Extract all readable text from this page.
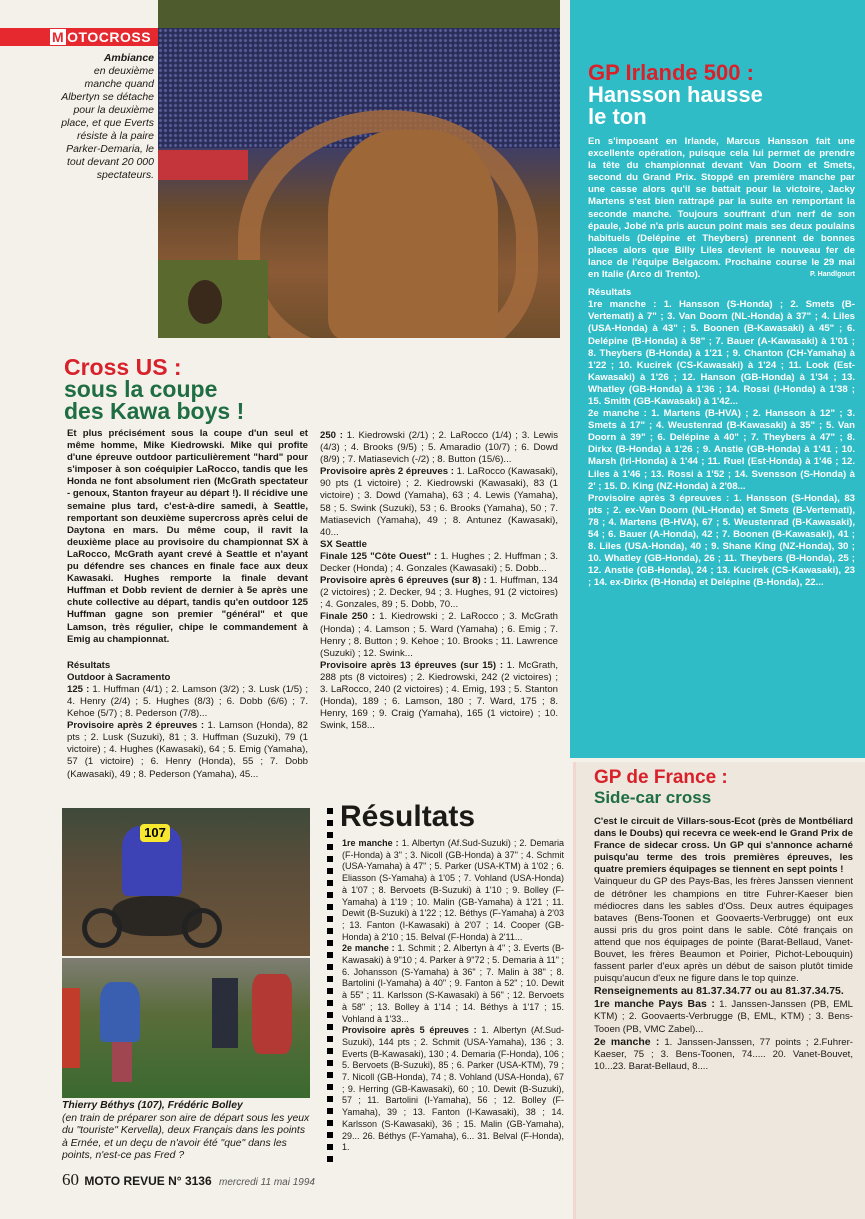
M OTOCROSS
Ambiance
en deuxième manche quand Albertyn se détache pour la deuxième place, et que Everts résiste à la paire Parker-Demaria, le tout devant 20 000 spectateurs.
GP Irlande 500 :
Hansson hausse
le ton

En s'imposant en Irlande, Marcus Hansson fait une excellente opération, puisque cela lui permet de prendre la tête du championnat devant Van Doorn et Smets, second du Grand Prix. Stoppé en première manche par une casse alors qu'il se battait pour la victoire, Jacky Martens s'est bien rattrapé par la suite en remportant la seconde manche. Toujours souffrant d'un nerf de son épaule, Jobé n'a pris aucun point mais ses deux poulains habituels (Delépine et Theybers) prennent de bonnes places alors que Billy Liles devient le nouveau fer de lance de l'équipe Belgacom. Prochaine course le 29 mai en Italie (Arco di Trento).	P. Handlgourt

Résultats

1re manche : 1. Hansson (S-Honda) ; 2. Smets (B-Vertemati) à 7" ; 3. Van Doorn (NL-Honda) à 37" ; 4. Liles (USA-Honda) à 43" ; 5. Boonen (B-Kawasaki) à 45" ; 6. Delépine (B-Honda) à 58" ; 7. Bauer (A-Kawasaki) à 1'01 ; 8. Theybers (B-Honda) à 1'21 ; 9. Chanton (CH-Yamaha) à 1'22 ; 10. Kucirek (CS-Kawasaki) à 1'24 ; 11. Look (Est-Kawasaki) à 1'26 ; 12. Hanson (GB-Honda) à 1'34 ; 13. Whatley (GB-Honda) à 1'36 ; 14. Rossi (I-Honda) à 1'38 ; 15. Smith (GB-Kawasaki) à 1'42...

2e manche : 1. Martens (B-HVA) ; 2. Hansson à 12" ; 3. Smets à 17" ; 4. Weustenrad (B-Kawasaki) à 35" ; 5. Van Doorn à 39" ; 6. Delépine à 40" ; 7. Theybers à 47" ; 8. Dirkx (B-Honda) à 1'26 ; 9. Anstie (GB-Honda) à 1'41 ; 10. Marsh (Irl-Honda) à 1'44 ; 11. Ruel (Est-Honda) à 1'46 ; 12. Liles à 1'46 ; 13. Rossi à 1'52 ; 14. Svensson (S-Honda) à 2' ; 15. D. King (NZ-Honda) à 2'08...

Provisoire après 3 épreuves : 1. Hansson (S-Honda), 83 pts ; 2. ex-Van Doorn (NL-Honda) et Smets (B-Vertemati), 78 ; 4. Martens (B-HVA), 67 ; 5. Weustenrad (B-Kawasaki), 54 ; 6. Bauer (A-Honda), 42 ; 7. Boonen (B-Kawasaki), 41 ; 8. Liles (USA-Honda), 40 ; 9. Shane King (NZ-Honda), 30 ; 10. Whatley (GB-Honda), 26 ; 11. Theybers (B-Honda), 25 ; 12. Anstie (GB-Honda), 24 ; 13. Kucirek (CS-Kawasaki), 23 ; 14. ex-Dirkx (B-Honda) et Delépine (B-Honda), 22...

Cross US :
sous la coupe
des Kawa boys !

Et plus précisément sous la coupe d'un seul et même homme, Mike Kiedrowski. Mike qui profite d'une épreuve outdoor particulièrement "hard" pour s'imposer à son coéquipier LaRocco, tandis que les Honda ne font absolument rien (McGrath spectateur - genoux, Stanton frayeur au départ !). Il récidive une semaine plus tard, c'est-à-dire samedi, à Seattle, remportant son deuxième supercross après celui de Daytona en mars. Du même coup, il ravit la deuxième place au provisoire du championnat SX à LaRocco, McGrath ayant crevé à Seattle et n'ayant pu défendre ses chances en finale face aux deux Kawasaki. Hughes remporte la finale devant Huffman et Dobb revient de dernier à 5e après une chute collective au départ, tandis qu'en outdoor 125 Huffman gagne son premier "général" et que Lamson, très régulier, chipe le commandement à Emig au championnat.

Résultats

Outdoor à Sacramento

125 : 1. Huffman (4/1) ; 2. Lamson (3/2) ; 3. Lusk (1/5) ; 4. Henry (2/4) ; 5. Hughes (8/3) ; 6. Dobb (6/6) ; 7. Kehoe (5/7) ; 8. Pederson (7/8)...

Provisoire après 2 épreuves : 1. Lamson (Honda), 82 pts ; 2. Lusk (Suzuki), 81 ; 3. Huffman (Suzuki), 79 (1 victoire) ; 4. Hughes (Kawasaki), 64 ; 5. Emig (Yamaha), 57 (1 victoire) ; 6. Henry (Honda), 55 ; 7. Dobb (Kawasaki), 49 ; 8. Pederson (Yamaha), 45...

250 : 1. Kiedrowski (2/1) ; 2. LaRocco (1/4) ; 3. Lewis (4/3) ; 4. Brooks (9/5) ; 5. Amaradio (10/7) ; 6. Dowd (8/9) ; 7. Matiasevich (-/2) ; 8. Button (15/6)...

Provisoire après 2 épreuves : 1. LaRocco (Kawasaki), 90 pts (1 victoire) ; 2. Kiedrowski (Kawasaki), 83 (1 victoire) ; 3. Dowd (Yamaha), 63 ; 4. Lewis (Yamaha), 58 ; 5. Swink (Suzuki), 53 ; 6. Brooks (Yamaha), 50 ; 7. Matiasevich (Yamaha), 49 ; 8. Antunez (Kawasaki), 40...

SX Seattle

Finale 125 "Côte Ouest" : 1. Hughes ; 2. Huffman ; 3. Decker (Honda) ; 4. Gonzales (Kawasaki) ; 5. Dobb...

Provisoire après 6 épreuves (sur 8) : 1. Huffman, 134 (2 victoires) ; 2. Decker, 94 ; 3. Hughes, 91 (2 victoires) ; 4. Gonzales, 89 ; 5. Dobb, 70...

Finale 250 : 1. Kiedrowski ; 2. LaRocco ; 3. McGrath (Honda) ; 4. Lamson ; 5. Ward (Yamaha) ; 6. Emig ; 7. Henry ; 8. Button ; 9. Kehoe ; 10. Brooks ; 11. Lawrence (Suzuki) ; 12. Swink...

Provisoire après 13 épreuves (sur 15) : 1. McGrath, 288 pts (8 victoires) ; 2. Kiedrowski, 242 (2 victoires) ; 3. LaRocco, 240 (2 victoires) ; 4. Emig, 193 ; 5. Stanton (Honda), 189 ; 6. Lamson, 180 ; 7. Ward, 175 ; 8. Henry, 169 ; 9. Craig (Yamaha), 165 (1 victoire) ; 10. Swink, 158...

107
Thierry Béthys (107), Frédéric Bolley
(en train de préparer son aire de départ sous les yeux du "touriste" Kervella), deux Français dans les points à Ernée, et un deçu de n'avoir été "que" dans les points, n'est-ce pas Fred ?
Résultats

1re manche : 1. Albertyn (Af.Sud-Suzuki) ; 2. Demaria (F-Honda) à 3" ; 3. Nicoll (GB-Honda) à 37" ; 4. Schmit (USA-Yamaha) à 47" ; 5. Parker (USA-KTM) à 1'02 ; 6. Eliasson (S-Yamaha) à 1'05 ; 7. Vohland (USA-Honda) à 1'07 ; 8. Bervoets (B-Suzuki) à 1'10 ; 9. Bolley (F-Yamaha) à 1'19 ; 10. Malin (GB-Yamaha) à 1'21 ; 11. Dewit (B-Suzuki) à 1'22 ; 12. Béthys (F-Yamaha) à 2'03 ; 13. Fanton (I-Kawasaki) à 2'07 ; 14. Cooper (GB-Honda) à 2'10 ; 15. Belval (F-Honda) à 2'11...

2e manche : 1. Schmit ; 2. Albertyn à 4" ; 3. Everts (B-Kawasaki) à 9"10 ; 4. Parker à 9"72 ; 5. Demaria à 11" ; 6. Johansson (S-Yamaha) à 36" ; 7. Malin à 38" ; 8. Bartolini (I-Yamaha) à 40" ; 9. Fanton à 52" ; 10. Dewit à 55" ; 11. Karlsson (S-Kawasaki) à 56" ; 12. Bervoets à 58" ; 13. Bolley à 1'14 ; 14. Béthys à 1'17 ; 15. Vohland à 1'33...

Provisoire après 5 épreuves : 1. Albertyn (Af.Sud-Suzuki), 144 pts ; 2. Schmit (USA-Yamaha), 136 ; 3. Everts (B-Kawasaki), 130 ; 4. Demaria (F-Honda), 106 ; 5. Bervoets (B-Suzuki), 85 ; 6. Parker (USA-KTM), 79 ; 7. Nicoll (GB-Honda), 74 ; 8. Vohland (USA-Honda), 67 ; 9. Herring (GB-Kawasaki), 60 ; 10. Dewit (B-Suzuki), 57 ; 11. Bartolini (I-Yamaha), 56 ; 12. Bolley (F-Yamaha), 39 ; 13. Fanton (I-Kawasaki), 38 ; 14. Karlsson (S-Kawasaki), 36 ; 15. Malin (GB-Yamaha), 29... 26. Béthys (F-Yamaha), 6... 31. Belval (F-Honda), 1.

GP de France :
Side-car cross

C'est le circuit de Villars-sous-Ecot (près de Montbéliard dans le Doubs) qui recevra ce week-end le Grand Prix de France de sidecar cross. Un GP qui s'annonce acharné puisqu'au terme des trois premières épreuves, les quatre premiers équipages se tiennent en sept points !

Vainqueur du GP des Pays-Bas, les frères Janssen viennent de détrôner les champions en titre Fuhrer-Kaeser bien médiocres dans les sables d'Oss. Deux autres équipages bataves (Bens-Toonen et Goovaerts-Verbrugge) ont eux aussi pris du gros point dans le sable. Côté français on attend que nos équipages de pointe (Barat-Bellaud, Vanet-Bouvet, les frères Beaumon et Poirier, Pichot-Lebouquin) fassent parler d'eux après un début de saison plutôt timide puisqu'aucun d'eux ne figure dans le top quinze.

Renseignements au 81.37.34.77 ou au 81.37.34.75.

1re manche Pays Bas : 1. Janssen-Janssen (PB, EML KTM) ; 2. Goovaerts-Verbrugge (B, EML, KTM) ; 3. Bens-Tooen (PB, VMC Zabel)...

2e manche : 1. Janssen-Janssen, 77 points ; 2.Fuhrer-Kaeser, 75 ; 3. Bens-Toonen, 74..... 20. Vanet-Bouvet, 10...23. Barat-Bellaud, 8....

60 MOTO REVUE N° 3136 mercredi 11 mai 1994
